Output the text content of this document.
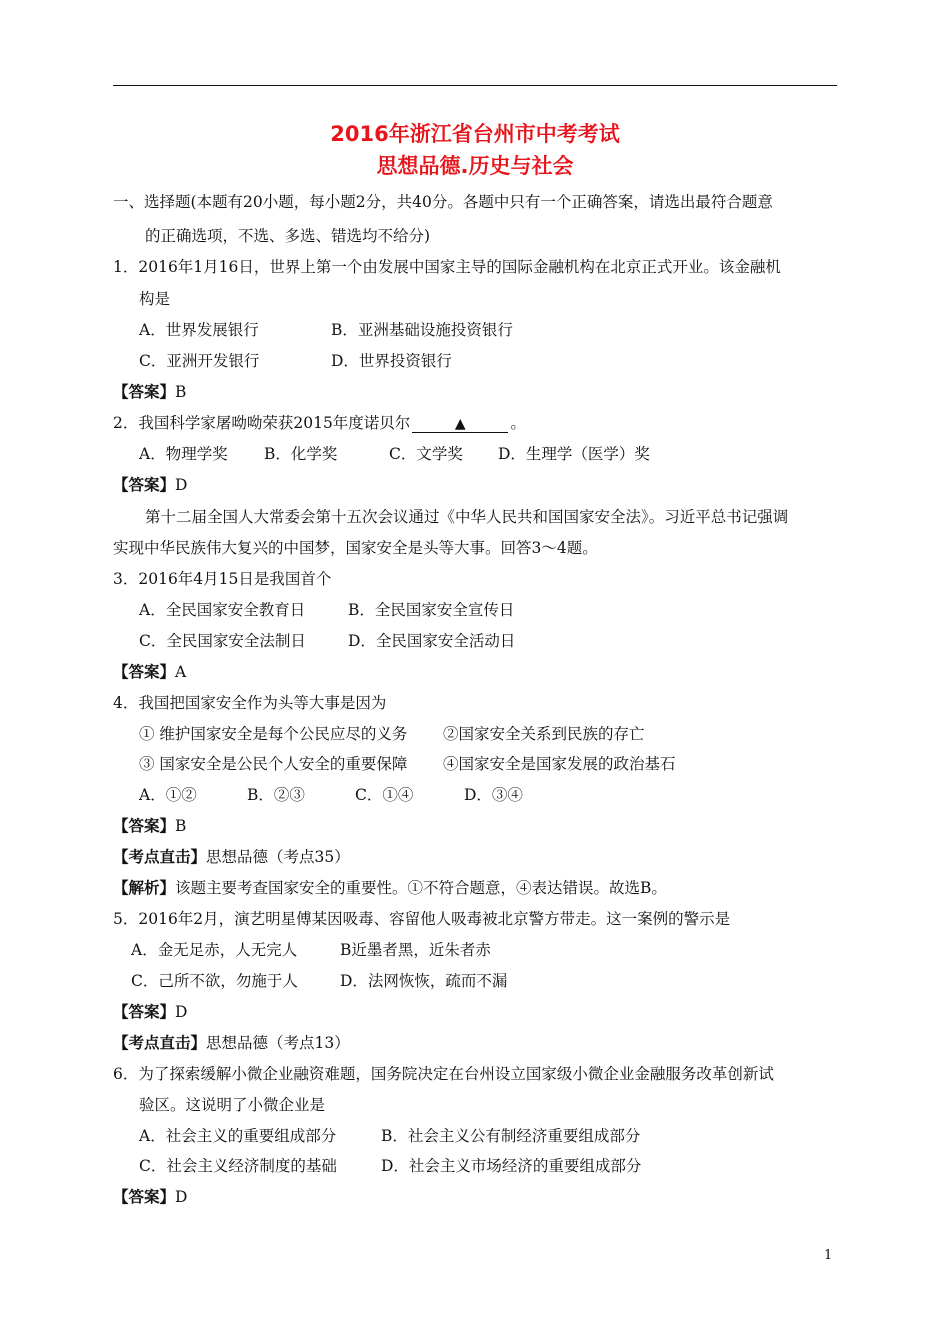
2016年浙江省台州市中考考试
思想品德.历史与社会
一、选择题(本题有20小题，每小题2分，共40分。各题中只有一个正确答案，请选出最符合题意
的正确选项，不选、多选、错选均不给分)
1．2016年1月16日，世界上第一个由发展中国家主导的国际金融机构在北京正式开业。该金融机
构是
A．世界发展银行	B．亚洲基础设施投资银行
C．亚洲开发银行	D．世界投资银行
【答案】B
2．我国科学家屠呦呦荣获2015年度诺贝尔	▲	。
A．物理学奖 B．化学奖	C．文学奖 D．生理学（医学）奖
【答案】D
第十二届全国人大常委会第十五次会议通过《中华人民共和国国家安全法》。习近平总书记强调
实现中华民族伟大复兴的中国梦，国家安全是头等大事。回答3～4题。
3．2016年4月15日是我国首个
A．全民国家安全教育日	B．全民国家安全宣传日
C．全民国家安全法制日	D．全民国家安全活动日
【答案】A
4．我国把国家安全作为头等大事是因为
① 维护国家安全是每个公民应尽的义务 ②国家安全关系到民族的存亡
③ 国家安全是公民个人安全的重要保障 ④国家安全是国家发展的政治基石
A．①②	B．②③	C．①④	D．③④
【答案】B
【考点直击】思想品德（考点35）
【解析】该题主要考查国家安全的重要性。①不符合题意，④表达错误。故选B。
5．2016年2月，演艺明星傅某因吸毒、容留他人吸毒被北京警方带走。这一案例的警示是
A．金无足赤，人无完人	B近墨者黑，近朱者赤
C．己所不欲，勿施于人	D．法网恢恢，疏而不漏
【答案】D
【考点直击】思想品德（考点13）
6．为了探索缓解小微企业融资难题，国务院决定在台州设立国家级小微企业金融服务改革创新试
验区。这说明了小微企业是
A．社会主义的重要组成部分	B．社会主义公有制经济重要组成部分
C．社会主义经济制度的基础	D．社会主义市场经济的重要组成部分
【答案】D
1
